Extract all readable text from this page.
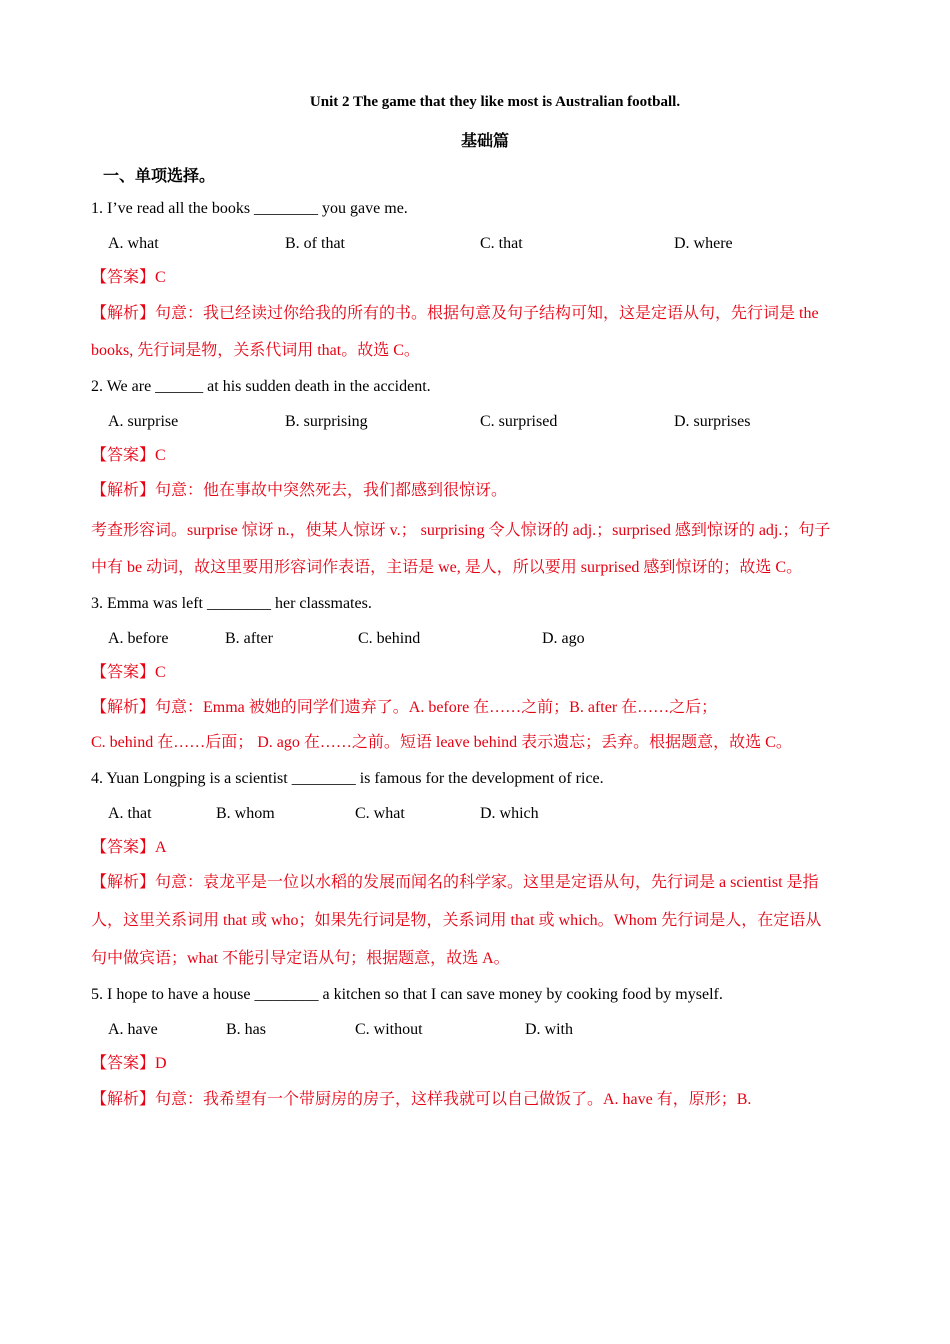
Unit 2 The game that they like most is Australian football.
基础篇
一、单项选择。
1. I’ve read all the books ________ you gave me.
A. what	B. of that	C. that	D. where
【答案】C
【解析】句意：我已经读过你给我的所有的书。根据句意及句子结构可知，这是定语从句，先行词是 the
books, 先行词是物，关系代词用 that。故选 C。
2. We are ______ at his sudden death in the accident.
A. surprise	B. surprising	C. surprised	D. surprises
【答案】C
【解析】句意：他在事故中突然死去，我们都感到很惊讶。
考查形容词。surprise 惊讶 n.，使某人惊讶 v.； surprising 令人惊讶的 adj.；surprised 感到惊讶的 adj.；句子
中有 be 动词，故这里要用形容词作表语，主语是 we, 是人，所以要用 surprised 感到惊讶的；故选 C。
3. Emma was left ________ her classmates.
A. before	B. after	C. behind	D. ago
【答案】C
【解析】句意：Emma 被她的同学们遗弃了。A. before 在……之前；B. after 在……之后；
C. behind 在……后面； D. ago 在……之前。短语 leave behind 表示遗忘；丢弃。根据题意，故选 C。
4. Yuan Longping is a scientist ________ is famous for the development of rice.
A. that	B. whom	C. what	D. which
【答案】A
【解析】句意：袁龙平是一位以水稻的发展而闻名的科学家。这里是定语从句，先行词是 a scientist 是指
人，这里关系词用 that 或 who；如果先行词是物，关系词用 that 或 which。Whom 先行词是人，在定语从
句中做宾语；what 不能引导定语从句；根据题意，故选 A。
5. I hope to have a house ________ a kitchen so that I can save money by cooking food by myself.
A. have	B. has	C. without	D. with
【答案】D
【解析】句意：我希望有一个带厨房的房子，这样我就可以自己做饭了。A. have 有，原形；B.
